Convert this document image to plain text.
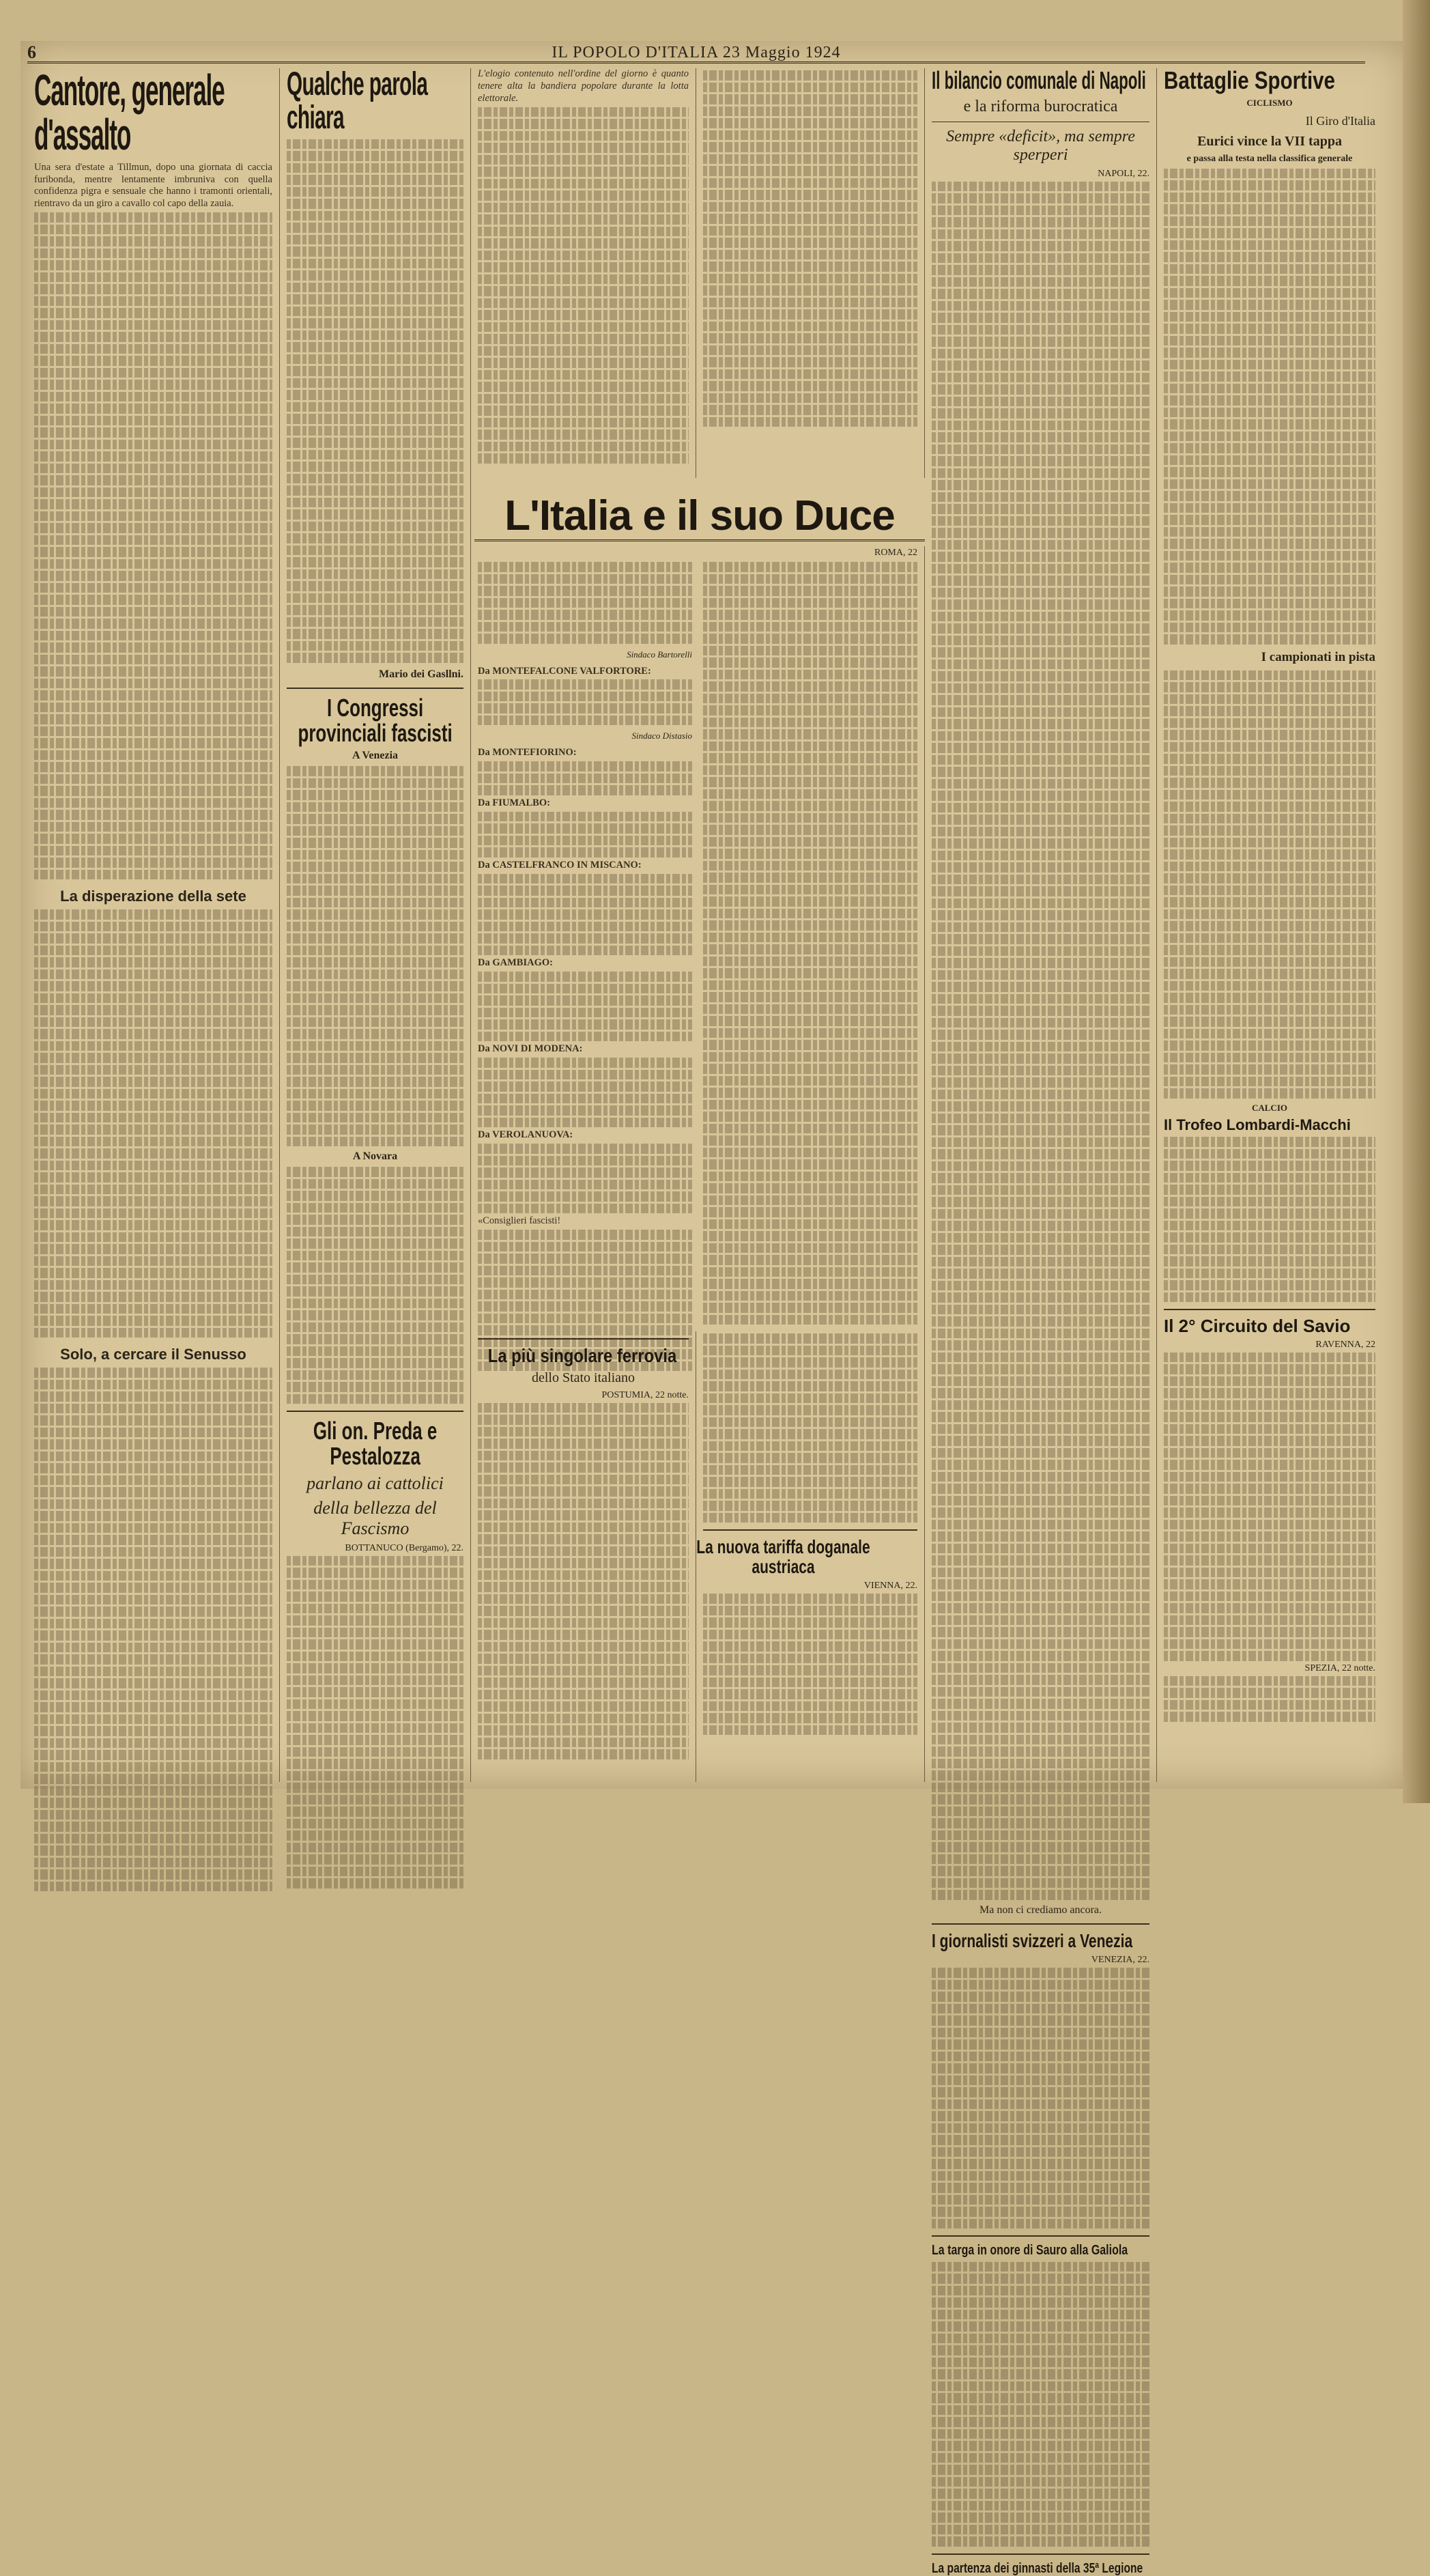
6	IL POPOLO D'ITALIA 23 Maggio 1924
Cantore, generale d'assalto

Una sera d'estate a Tillmun, dopo una giornata di caccia furibonda, mentre lentamente imbruniva con quella confidenza pigra e sensuale che hanno i tramonti orientali, rientravo da un giro a cavallo col capo della zauia.

La disperazione della sete
Solo, a cercare il Senusso
Qualche parola chiara
Mario dei Gasllni.
I Congressi provinciali fascisti
A Venezia
A Novara
Gli on. Preda e Pestalozza
parlano ai cattolici
della bellezza del Fascismo
BOTTANUCO (Bergamo), 22.

L'elogio contenuto nell'ordine del giorno è quanto tenere alta la bandiera popolare durante la lotta elettorale.

L'Italia e il suo Duce
ROMA, 22
Sindaco Bartorelli
Da MONTEFALCONE VALFORTORE:
Sindaco Distasio
Da MONTEFIORINO:
Da FIUMALBO:
Da CASTELFRANCO IN MISCANO:
Da GAMBIAGO:
Da NOVI DI MODENA:
Da VEROLANUOVA:
«Consiglieri fascisti!
La più singolare ferrovia
dello Stato italiano
POSTUMIA, 22 notte.
La nuova tariffa doganale austriaca
VIENNA, 22.
Il bilancio comunale di Napoli
e la riforma burocratica
Sempre «deficit», ma sempre sperperi
NAPOLI, 22.
Ma non ci crediamo ancora.
I giornalisti svizzeri a Venezia
VENEZIA, 22.
La targa in onore di Sauro alla Galiola
La partenza dei ginnasti della 35ª Legione
Battaglie Sportive
CICLISMO
Il Giro d'Italia
Eurici vince la VII tappa
e passa alla testa nella classifica generale
I campionati in pista
CALCIO
Il Trofeo Lombardi-Macchi
Il 2° Circuito del Savio
RAVENNA, 22
SPEZIA, 22 notte.
